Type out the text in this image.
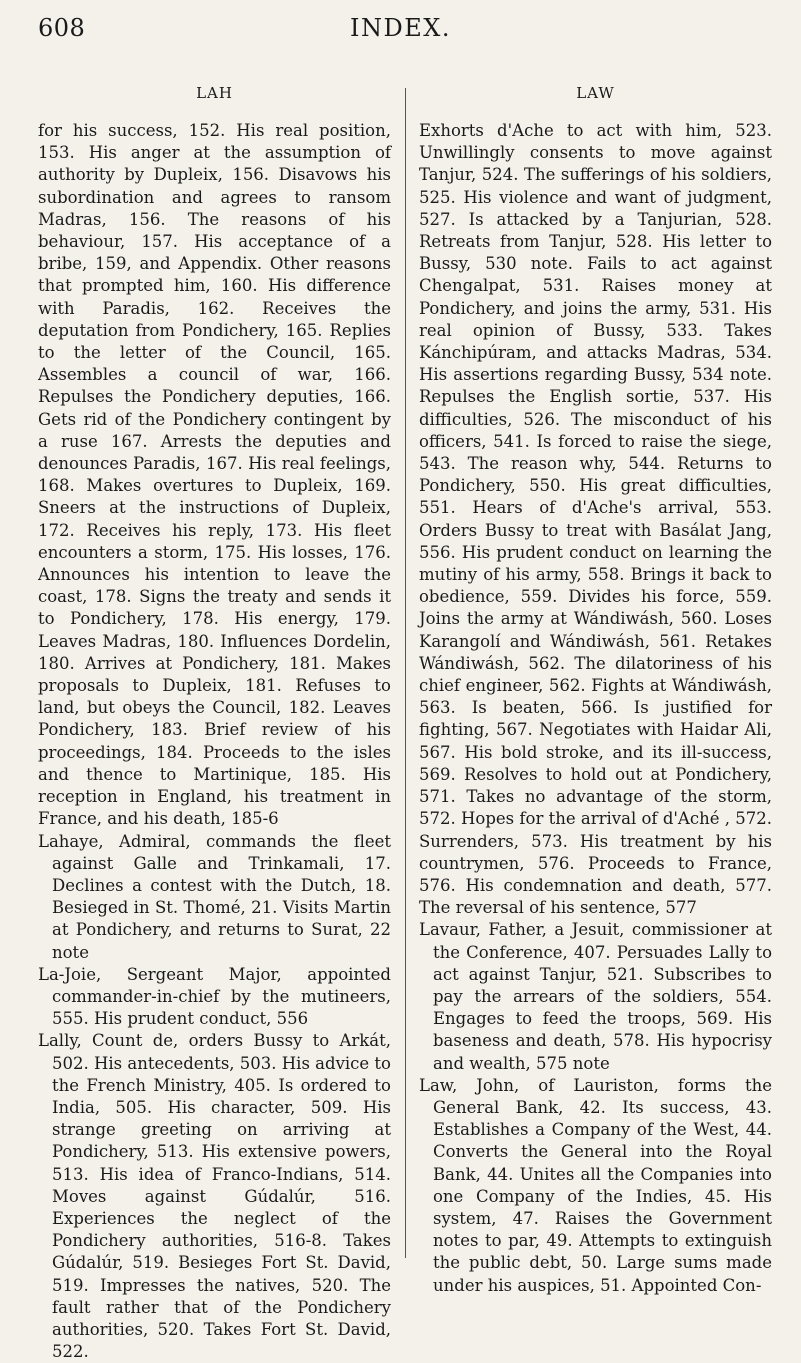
608	INDEX.
LAH

for his success, 152. His real position, 153. His anger at the assumption of authority by Dupleix, 156. Disavows his subordination and agrees to ransom Madras, 156. The reasons of his behaviour, 157. His acceptance of a bribe, 159, and Appendix. Other reasons that prompted him, 160. His difference with Paradis, 162. Receives the deputation from Pondichery, 165. Replies to the letter of the Council, 165. Assembles a council of war, 166. Repulses the Pondichery deputies, 166. Gets rid of the Pondichery contingent by a ruse 167. Arrests the deputies and denounces Paradis, 167. His real feelings, 168. Makes overtures to Dupleix, 169. Sneers at the instructions of Dupleix, 172. Receives his reply, 173. His fleet encounters a storm, 175. His losses, 176. Announces his intention to leave the coast, 178. Signs the treaty and sends it to Pondichery, 178. His energy, 179. Leaves Madras, 180. Influences Dordelin, 180. Arrives at Pondichery, 181. Makes proposals to Dupleix, 181. Refuses to land, but obeys the Council, 182. Leaves Pondichery, 183. Brief review of his proceedings, 184. Proceeds to the isles and thence to Martinique, 185. His reception in England, his treatment in France, and his death, 185-6

Lahaye, Admiral, commands the fleet against Galle and Trinkamali, 17. Declines a contest with the Dutch, 18. Besieged in St. Thomé, 21. Visits Martin at Pondichery, and returns to Surat, 22 note

La-Joie, Sergeant Major, appointed commander-in-chief by the mutineers, 555. His prudent conduct, 556

Lally, Count de, orders Bussy to Arkát, 502. His antecedents, 503. His advice to the French Ministry, 405. Is ordered to India, 505. His character, 509. His strange greeting on arriving at Pondichery, 513. His extensive powers, 513. His idea of Franco-Indians, 514. Moves against Gúdalúr, 516. Experiences the neglect of the Pondichery authorities, 516-8. Takes Gúdalúr, 519. Besieges Fort St. David, 519. Impresses the natives, 520. The fault rather that of the Pondichery authorities, 520. Takes Fort St. David, 522.

LAW

Exhorts d'Ache to act with him, 523. Unwillingly consents to move against Tanjur, 524. The sufferings of his soldiers, 525. His violence and want of judgment, 527. Is attacked by a Tanjurian, 528. Retreats from Tanjur, 528. His letter to Bussy, 530 note. Fails to act against Chengalpat, 531. Raises money at Pondichery, and joins the army, 531. His real opinion of Bussy, 533. Takes Kánchipúram, and attacks Madras, 534. His assertions regarding Bussy, 534 note. Repulses the English sortie, 537. His difficulties, 526. The misconduct of his officers, 541. Is forced to raise the siege, 543. The reason why, 544. Returns to Pondichery, 550. His great difficulties, 551. Hears of d'Ache's arrival, 553. Orders Bussy to treat with Basálat Jang, 556. His prudent conduct on learning the mutiny of his army, 558. Brings it back to obedience, 559. Divides his force, 559. Joins the army at Wándiwásh, 560. Loses Karangolí and Wándiwásh, 561. Retakes Wándiwásh, 562. The dilatoriness of his chief engineer, 562. Fights at Wándiwásh, 563. Is beaten, 566. Is justified for fighting, 567. Negotiates with Haidar Ali, 567. His bold stroke, and its ill-success, 569. Resolves to hold out at Pondichery, 571. Takes no advantage of the storm, 572. Hopes for the arrival of d'Aché , 572. Surrenders, 573. His treatment by his countrymen, 576. Proceeds to France, 576. His condemnation and death, 577. The reversal of his sentence, 577

Lavaur, Father, a Jesuit, commissioner at the Conference, 407. Persuades Lally to act against Tanjur, 521. Subscribes to pay the arrears of the soldiers, 554. Engages to feed the troops, 569. His baseness and death, 578. His hypocrisy and wealth, 575 note

Law, John, of Lauriston, forms the General Bank, 42. Its success, 43. Establishes a Company of the West, 44. Converts the General into the Royal Bank, 44. Unites all the Companies into one Company of the Indies, 45. His system, 47. Raises the Government notes to par, 49. Attempts to extinguish the public debt, 50. Large sums made under his auspices, 51. Appointed Con-
